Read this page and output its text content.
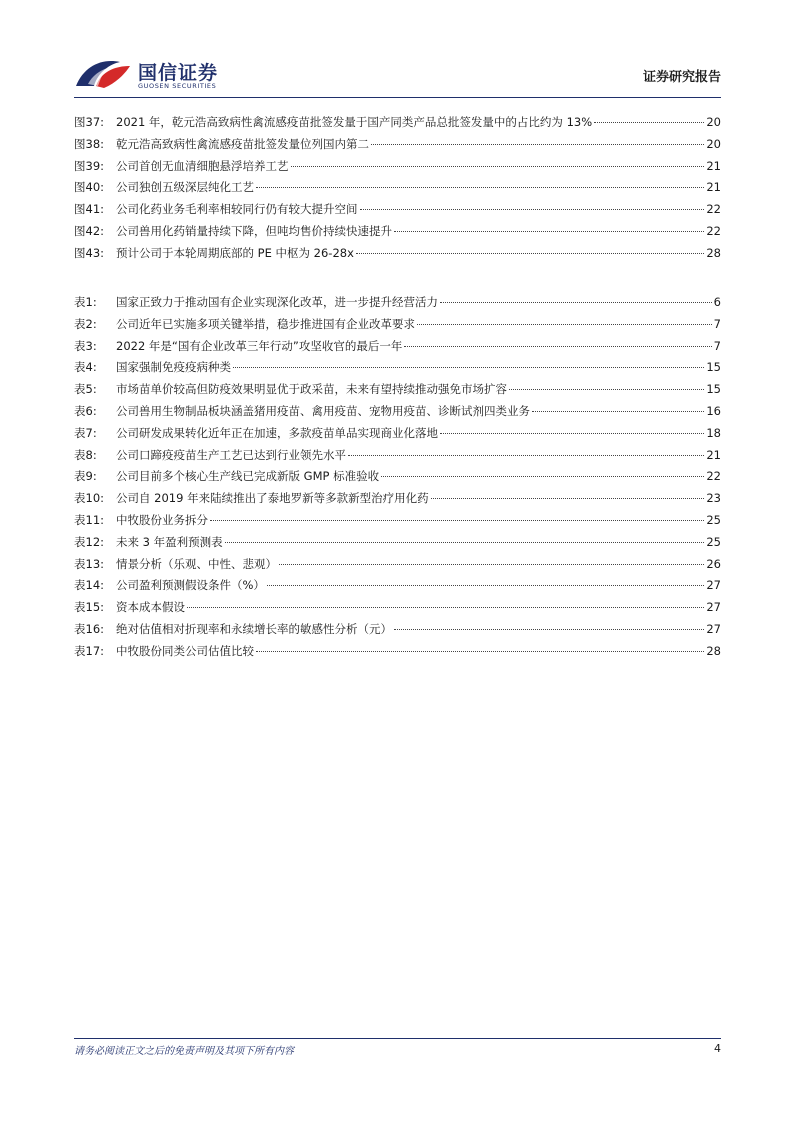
国信证券
GUOSEN SECURITIES
证券研究报告
图37:	2021 年，乾元浩高致病性禽流感疫苗批签发量于国产同类产品总批签发量中的占比约为 13%	20
图38:	乾元浩高致病性禽流感疫苗批签发量位列国内第二	20
图39:	公司首创无血清细胞悬浮培养工艺	21
图40:	公司独创五级深层纯化工艺	21
图41:	公司化药业务毛利率相较同行仍有较大提升空间	22
图42:	公司兽用化药销量持续下降，但吨均售价持续快速提升	22
图43:	预计公司于本轮周期底部的 PE 中枢为 26-28x	28
表1:	国家正致力于推动国有企业实现深化改革，进一步提升经营活力	6
表2:	公司近年已实施多项关键举措，稳步推进国有企业改革要求	7
表3:	2022 年是“国有企业改革三年行动”攻坚收官的最后一年	7
表4:	国家强制免疫疫病种类	15
表5:	市场苗单价较高但防疫效果明显优于政采苗，未来有望持续推动强免市场扩容	15
表6:	公司兽用生物制品板块涵盖猪用疫苗、禽用疫苗、宠物用疫苗、诊断试剂四类业务	16
表7:	公司研发成果转化近年正在加速，多款疫苗单品实现商业化落地	18
表8:	公司口蹄疫疫苗生产工艺已达到行业领先水平	21
表9:	公司目前多个核心生产线已完成新版 GMP 标准验收	22
表10:	公司自 2019 年来陆续推出了泰地罗新等多款新型治疗用化药	23
表11:	中牧股份业务拆分	25
表12:	未来 3 年盈利预测表	25
表13:	情景分析（乐观、中性、悲观）	26
表14:	公司盈利预测假设条件（%）	27
表15:	资本成本假设	27
表16:	绝对估值相对折现率和永续增长率的敏感性分析（元）	27
表17:	中牧股份同类公司估值比较	28
请务必阅读正文之后的免责声明及其项下所有内容	4
